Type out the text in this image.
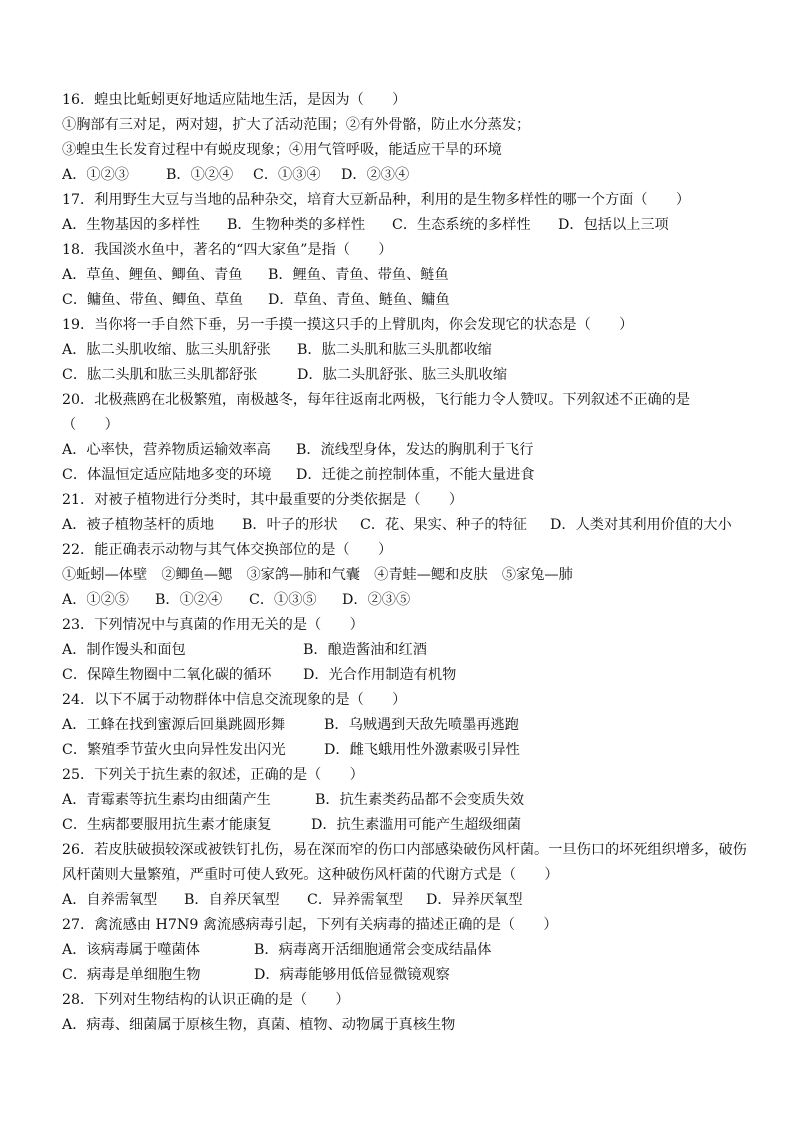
16．蝗虫比蚯蚓更好地适应陆地生活，是因为（　　）
①胸部有三对足，两对翅，扩大了活动范围；②有外骨骼，防止水分蒸发；
③蝗虫生长发育过程中有蜕皮现象；④用气管呼吸，能适应干旱的环境
A．①②③	B．①②④	C．①③④	D．②③④
17．利用野生大豆与当地的品种杂交，培育大豆新品种，利用的是生物多样性的哪一个方面（　　）
A．生物基因的多样性	B．生物种类的多样性	C．生态系统的多样性	D．包括以上三项
18．我国淡水鱼中，著名的“四大家鱼”是指（　　）
A．草鱼、鲤鱼、鲫鱼、青鱼	B．鲤鱼、青鱼、带鱼、鲢鱼
C．鳙鱼、带鱼、鲫鱼、草鱼	D．草鱼、青鱼、鲢鱼、鳙鱼
19．当你将一手自然下垂，另一手摸一摸这只手的上臂肌肉，你会发现它的状态是（　　）
A．肱二头肌收缩、肱三头肌舒张	B．肱二头肌和肱三头肌都收缩
C．肱二头肌和肱三头肌都舒张	D．肱二头肌舒张、肱三头肌收缩
20．北极燕鸥在北极繁殖，南极越冬，每年往返南北两极，飞行能力令人赞叹。下列叙述不正确的是
（　　）
A．心率快，营养物质运输效率高	B．流线型身体，发达的胸肌利于飞行
C．体温恒定适应陆地多变的环境	D．迁徙之前控制体重，不能大量进食
21．对被子植物进行分类时，其中最重要的分类依据是（　　）
A．被子植物茎杆的质地	B．叶子的形状	C．花、果实、种子的特征	D．人类对其利用价值的大小
22．能正确表示动物与其气体交换部位的是（　　）
①蚯蚓—体壁　②鲫鱼—鳃　③家鸽—肺和气囊　④青蛙—鳃和皮肤　⑤家兔—肺
A．①②⑤	B．①②④	C．①③⑤	D．②③⑤
23．下列情况中与真菌的作用无关的是（　　）
A．制作馒头和面包	B．酿造酱油和红酒
C．保障生物圈中二氧化碳的循环	D．光合作用制造有机物
24．以下不属于动物群体中信息交流现象的是（　　）
A．工蜂在找到蜜源后回巢跳圆形舞	B．乌贼遇到天敌先喷墨再逃跑
C．繁殖季节萤火虫向异性发出闪光	D．雌飞蛾用性外激素吸引异性
25．下列关于抗生素的叙述，正确的是（　　）
A．青霉素等抗生素均由细菌产生	B．抗生素类药品都不会变质失效
C．生病都要服用抗生素才能康复	D．抗生素滥用可能产生超级细菌
26．若皮肤破损较深或被铁钉扎伤，易在深而窄的伤口内部感染破伤风杆菌。一旦伤口的坏死组织增多，破伤
风杆菌则大量繁殖，严重时可使人致死。这种破伤风杆菌的代谢方式是（　　）
A．自养需氧型	B．自养厌氧型	C．异养需氧型	D．异养厌氧型
27．禽流感由 H7N9 禽流感病毒引起，下列有关病毒的描述正确的是（　　）
A．该病毒属于噬菌体	B．病毒离开活细胞通常会变成结晶体
C．病毒是单细胞生物	D．病毒能够用低倍显微镜观察
28．下列对生物结构的认识正确的是（　　）
A．病毒、细菌属于原核生物，真菌、植物、动物属于真核生物
